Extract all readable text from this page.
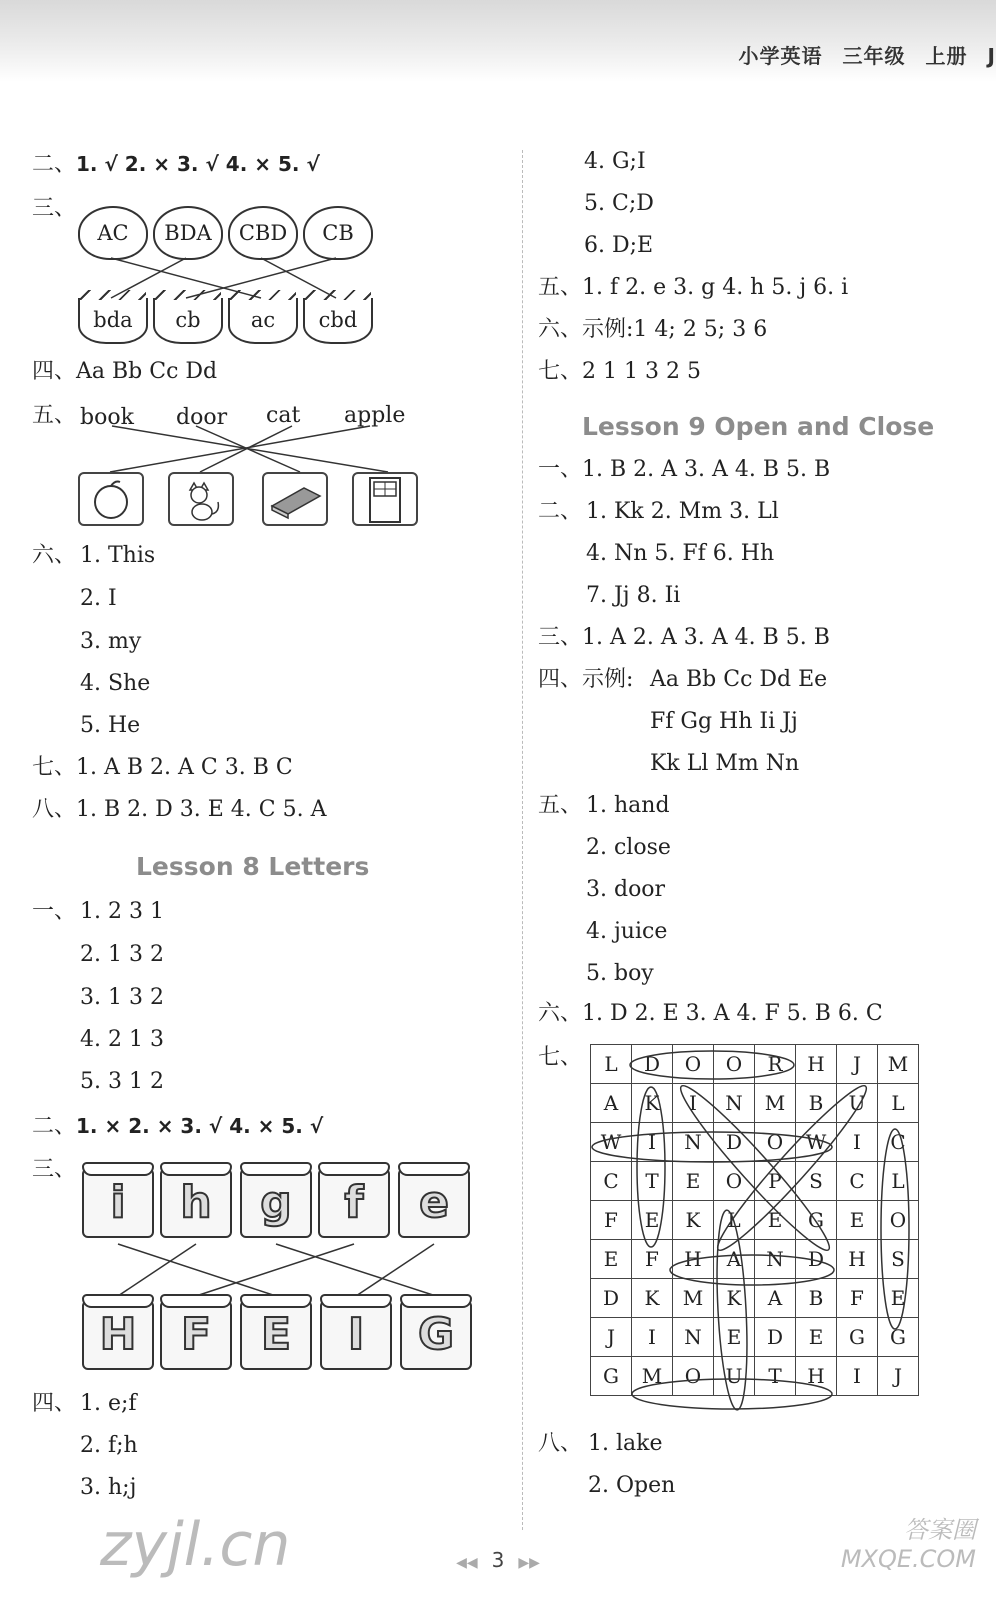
小学英语 三年级 上册 J
二、1. √ 2. × 3. √ 4. × 5. √
三、
AC	BDA	CBD	CB
bda	cb	ac	cbd
四、Aa Bb Cc Dd
五、 book door cat apple
六、 1. This
2. I
3. my
4. She
5. He
七、1. A B 2. A C 3. B C
八、1. B 2. D 3. E 4. C 5. A
Lesson 8 Letters
一、 1. 2 3 1
2. 1 3 2
3. 1 3 2
4. 2 1 3
5. 3 1 2
二、1. × 2. × 3. √ 4. × 5. √
三、
i	h	g	f	e
H	F	E	I	G
四、 1. e;f
2. f;h
3. h;j
4. G;I
5. C;D
6. D;E
五、1. f 2. e 3. g 4. h 5. j 6. i
六、示例:1 4; 2 5; 3 6
七、2 1 1 3 2 5
Lesson 9 Open and Close
一、1. B 2. A 3. A 4. B 5. B
二、 1. Kk 2. Mm 3. Ll
4. Nn 5. Ff 6. Hh
7. Jj 8. Ii
三、1. A 2. A 3. A 4. B 5. B
四、示例: Aa Bb Cc Dd Ee
Ff Gg Hh Ii Jj
Kk Ll Mm Nn
五、 1. hand
2. close
3. door
4. juice
5. boy
六、1. D 2. E 3. A 4. F 5. B 6. C
七、 L	D	O	O	R	H	J	M
A	K	I	N	M	B	U	L
W	I	N	D	O	W	I	C
C	T	E	O	P	S	C	L
F	E	K	L	E	G	E	O
E	F	H	A	N	D	H	S
D	K	M	K	A	B	F	E
J	I	N	E	D	E	G	G
G	M	O	U	T	H	I	J
八、 1. lake
2. Open
◀◀ 3 ▶▶
zyjl.cn	答案圈 MXQE.COM
